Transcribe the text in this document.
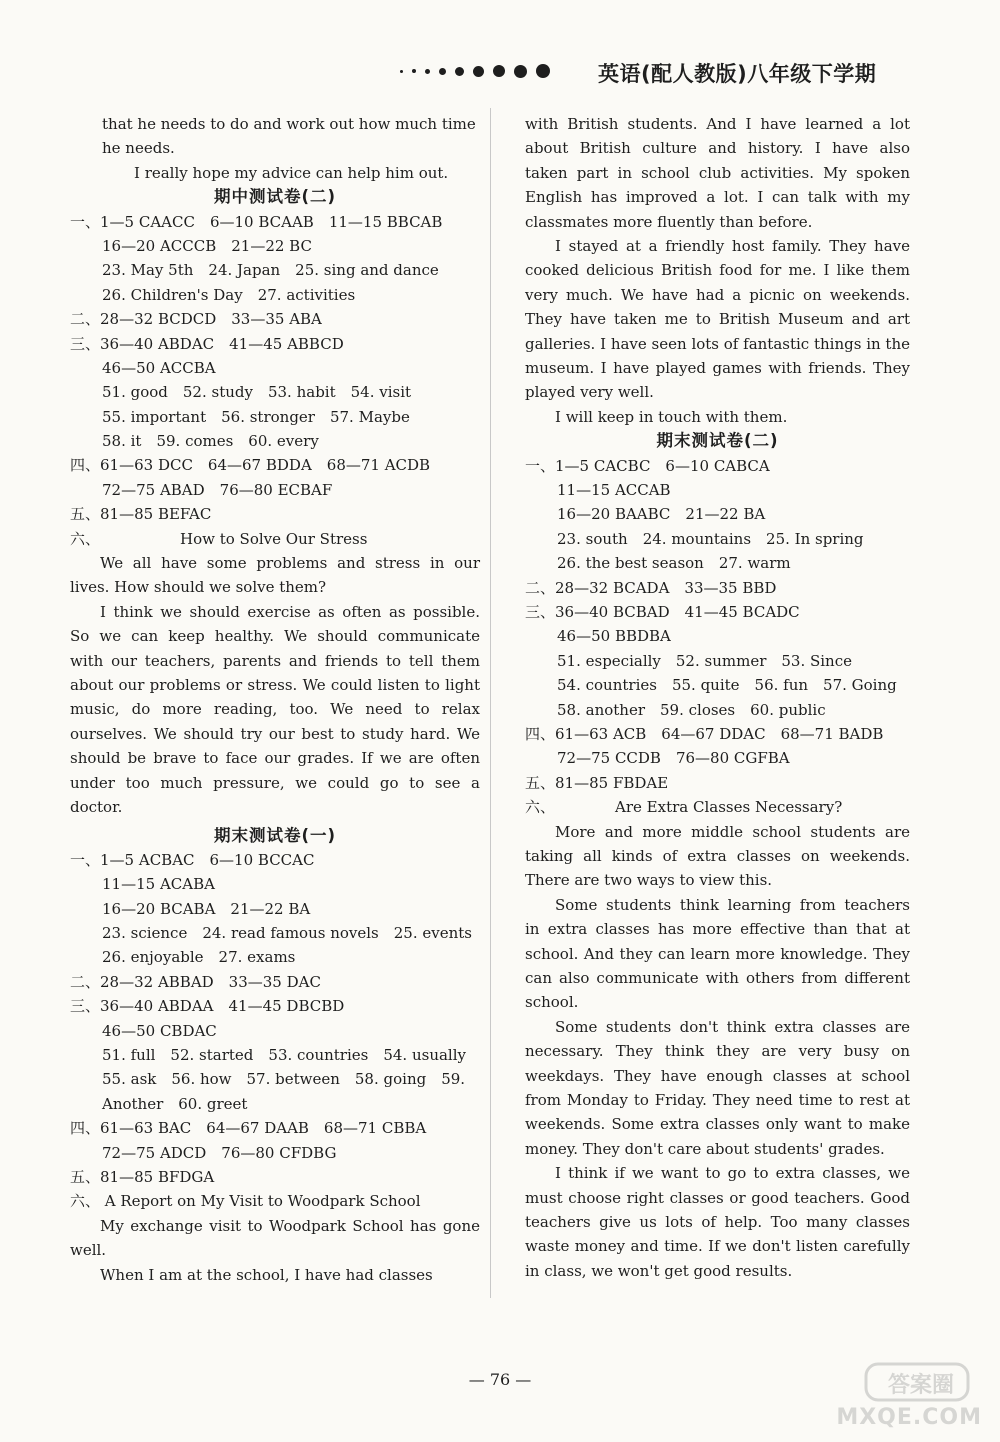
英语(配人教版)八年级下学期
that he needs to do and work out how much time
he needs.
I really hope my advice can help him out.
期中测试卷(二)
一、1—5 CAACC　6—10 BCAAB　11—15 BBCAB
16—20 ACCCB　21—22 BC
23. May 5th　24. Japan　25. sing and dance
26. Children's Day　27. activities
二、28—32 BCDCD　33—35 ABA
三、36—40 ABDAC　41—45 ABBCD
46—50 ACCBA
51. good　52. study　53. habit　54. visit
55. important　56. stronger　57. Maybe
58. it　59. comes　60. every
四、61—63 DCC　64—67 BDDA　68—71 ACDB
72—75 ABAD　76—80 ECBAF
五、81—85 BEFAC
六、	How to Solve Our Stress
We all have some problems and stress in our lives. How should we solve them?
I think we should exercise as often as possible. So we can keep healthy. We should communicate with our teachers, parents and friends to tell them about our problems or stress. We could listen to light music, do more reading, too. We need to relax ourselves. We should try our best to study hard. We should be brave to face our grades. If we are often under too much pressure, we could go to see a doctor.
期末测试卷(一)
一、1—5 ACBAC　6—10 BCCAC
11—15 ACABA
16—20 BCABA　21—22 BA
23. science　24. read famous novels　25. events
26. enjoyable　27. exams
二、28—32 ABBAD　33—35 DAC
三、36—40 ABDAA　41—45 DBCBD
46—50 CBDAC
51. full　52. started　53. countries　54. usually
55. ask　56. how　57. between　58. going　59.
Another　60. greet
四、61—63 BAC　64—67 DAAB　68—71 CBBA
72—75 ADCD　76—80 CFDBG
五、81—85 BFDGA
六、 A Report on My Visit to Woodpark School
My exchange visit to Woodpark School has gone well.
When I am at the school, I have had classes
with British students. And I have learned a lot about British culture and history. I have also taken part in school club activities. My spoken English has improved a lot. I can talk with my classmates more fluently than before.
I stayed at a friendly host family. They have cooked delicious British food for me. I like them very much. We have had a picnic on weekends. They have taken me to British Museum and art galleries. I have seen lots of fantastic things in the museum. I have played games with friends. They played very well.
I will keep in touch with them.
期末测试卷(二)
一、1—5 CACBC　6—10 CABCA
11—15 ACCAB
16—20 BAABC　21—22 BA
23. south　24. mountains　25. In spring
26. the best season　27. warm
二、28—32 BCADA　33—35 BBD
三、36—40 BCBAD　41—45 BCADC
46—50 BBDBA
51. especially　52. summer　53. Since
54. countries　55. quite　56. fun　57. Going
58. another　59. closes　60. public
四、61—63 ACB　64—67 DDAC　68—71 BADB
72—75 CCDB　76—80 CGFBA
五、81—85 FBDAE
六、	Are Extra Classes Necessary?
More and more middle school students are taking all kinds of extra classes on weekends. There are two ways to view this.
Some students think learning from teachers in extra classes has more effective than that at school. And they can learn more knowledge. They can also communicate with others from different school.
Some students don't think extra classes are necessary. They think they are very busy on weekdays. They have enough classes at school from Monday to Friday. They need time to rest at weekends. Some extra classes only want to make money. They don't care about students' grades.
I think if we want to go to extra classes, we must choose right classes or good teachers. Good teachers give us lots of help. Too many classes waste money and time. If we don't listen carefully in class, we won't get good results.
— 76 —	答案圈
MXQE.COM
